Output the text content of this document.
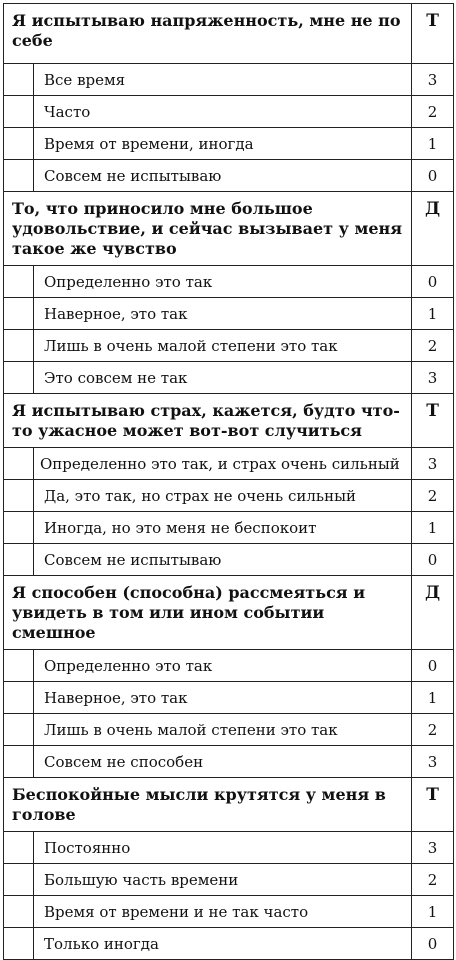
Я испытываю напряженность, мне не по себе		Т
	Все время	3
	Часто	2
	Время от времени, иногда	1
	Совсем не испытываю	0
То, что приносило мне большое удовольствие, и сейчас вызывает у меня такое же чувство		Д
	Определенно это так	0
	Наверное, это так	1
	Лишь в очень малой степени это так	2
	Это совсем не так	3
Я испытываю страх, кажется, будто что-то ужасное может вот-вот случиться		Т
	Определенно это так, и страх очень сильный	3
	Да, это так, но страх не очень сильный	2
	Иногда, но это меня не беспокоит	1
	Совсем не испытываю	0
Я способен (способна) рассмеяться и увидеть в том или ином событии смешное		Д
	Определенно это так	0
	Наверное, это так	1
	Лишь в очень малой степени это так	2
	Совсем не способен	3
Беспокойные мысли крутятся у меня в голове		Т
	Постоянно	3
	Большую часть времени	2
	Время от времени и не так часто	1
	Только иногда	0
